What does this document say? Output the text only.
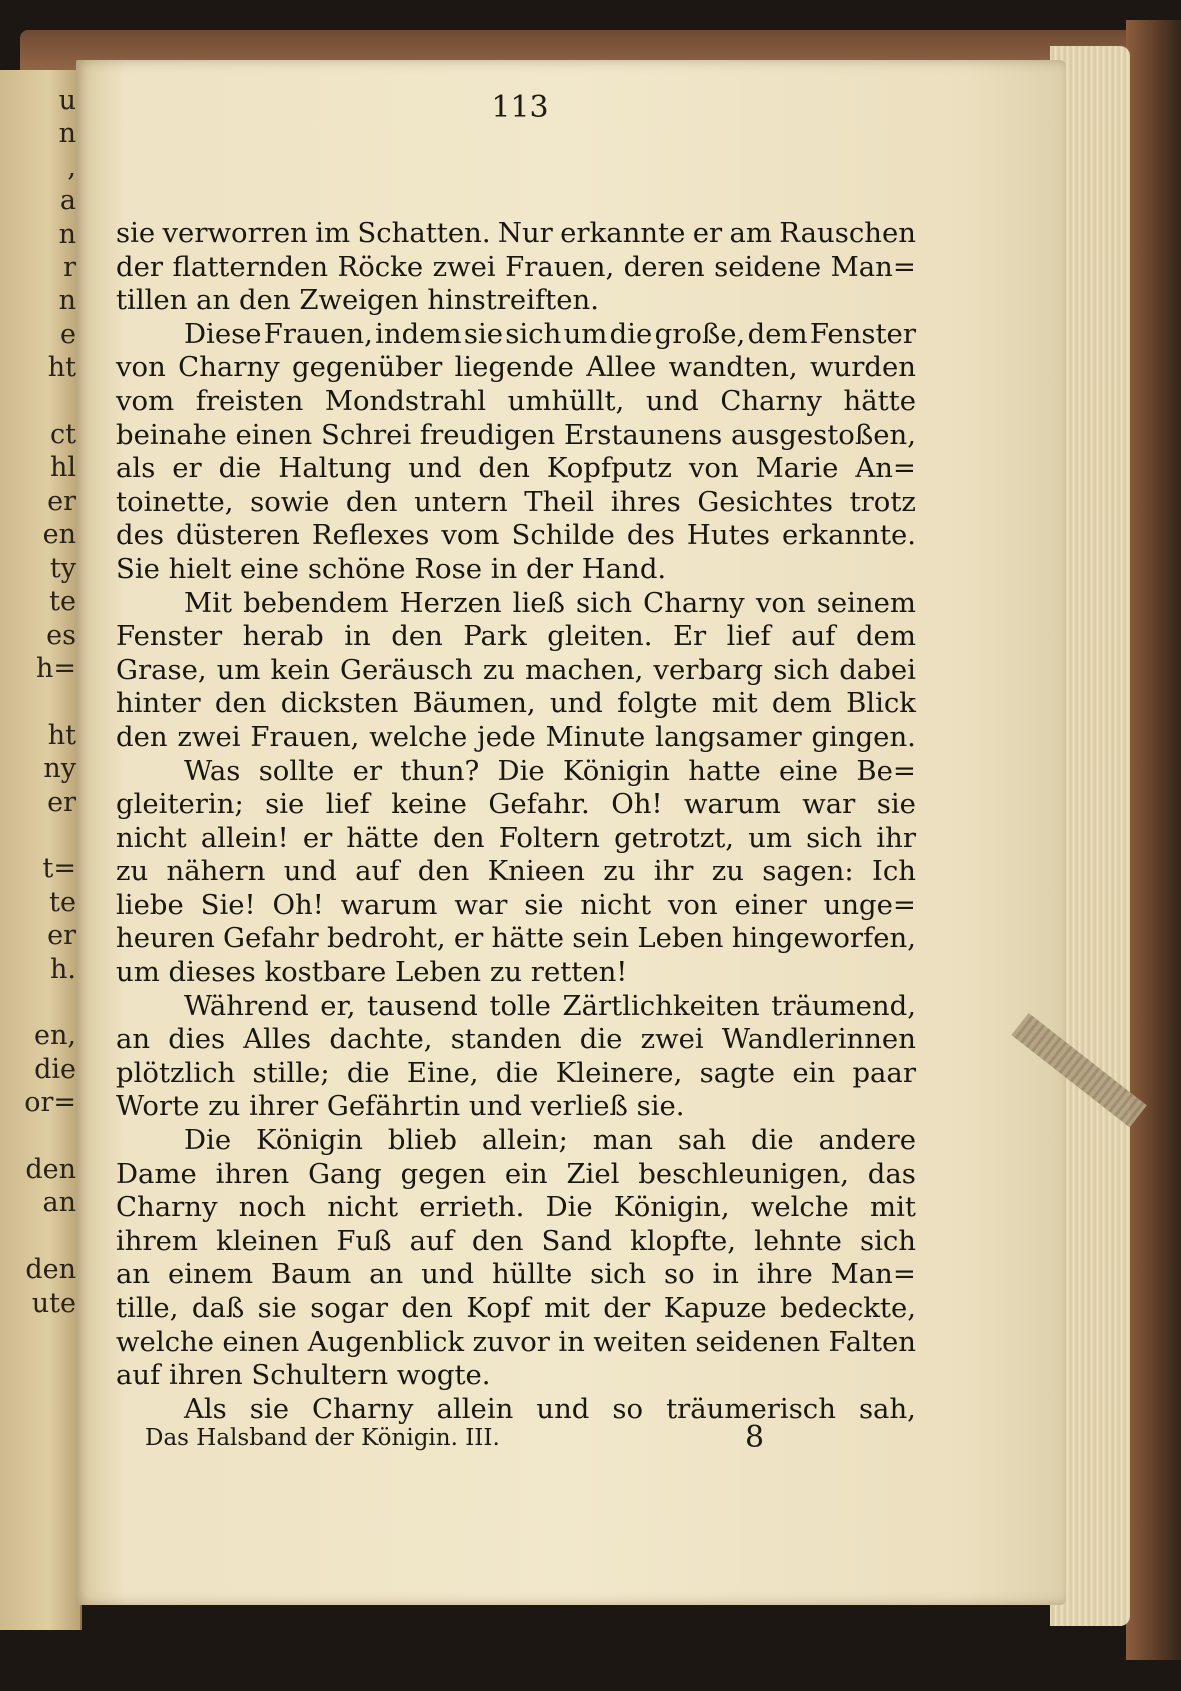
u
n
,
a
n
r
n
e
ht

ct
hl
er
en
ty
te
es
h=

ht
ny
er

t=
te
er
h.

en,
die
or=

den
an

den
ute
113
sie verworren im Schatten. Nur erkannte er am Rauschen
der flatternden Röcke zwei Frauen, deren seidene Man=
tillen an den Zweigen hinstreiften.
Diese Frauen, indem sie sich um die große, dem Fenster
von Charny gegenüber liegende Allee wandten, wurden
vom freisten Mondstrahl umhüllt, und Charny hätte
beinahe einen Schrei freudigen Erstaunens ausgestoßen,
als er die Haltung und den Kopfputz von Marie An=
toinette, sowie den untern Theil ihres Gesichtes trotz
des düsteren Reflexes vom Schilde des Hutes erkannte.
Sie hielt eine schöne Rose in der Hand.
Mit bebendem Herzen ließ sich Charny von seinem
Fenster herab in den Park gleiten. Er lief auf dem
Grase, um kein Geräusch zu machen, verbarg sich dabei
hinter den dicksten Bäumen, und folgte mit dem Blick
den zwei Frauen, welche jede Minute langsamer gingen.
Was sollte er thun? Die Königin hatte eine Be=
gleiterin; sie lief keine Gefahr. Oh! warum war sie
nicht allein! er hätte den Foltern getrotzt, um sich ihr
zu nähern und auf den Knieen zu ihr zu sagen: Ich
liebe Sie! Oh! warum war sie nicht von einer unge=
heuren Gefahr bedroht, er hätte sein Leben hingeworfen,
um dieses kostbare Leben zu retten!
Während er, tausend tolle Zärtlichkeiten träumend,
an dies Alles dachte, standen die zwei Wandlerinnen
plötzlich stille; die Eine, die Kleinere, sagte ein paar
Worte zu ihrer Gefährtin und verließ sie.
Die Königin blieb allein; man sah die andere
Dame ihren Gang gegen ein Ziel beschleunigen, das
Charny noch nicht errieth. Die Königin, welche mit
ihrem kleinen Fuß auf den Sand klopfte, lehnte sich
an einem Baum an und hüllte sich so in ihre Man=
tille, daß sie sogar den Kopf mit der Kapuze bedeckte,
welche einen Augenblick zuvor in weiten seidenen Falten
auf ihren Schultern wogte.
Als sie Charny allein und so träumerisch sah,
Das Halsband der Königin. III.	8
